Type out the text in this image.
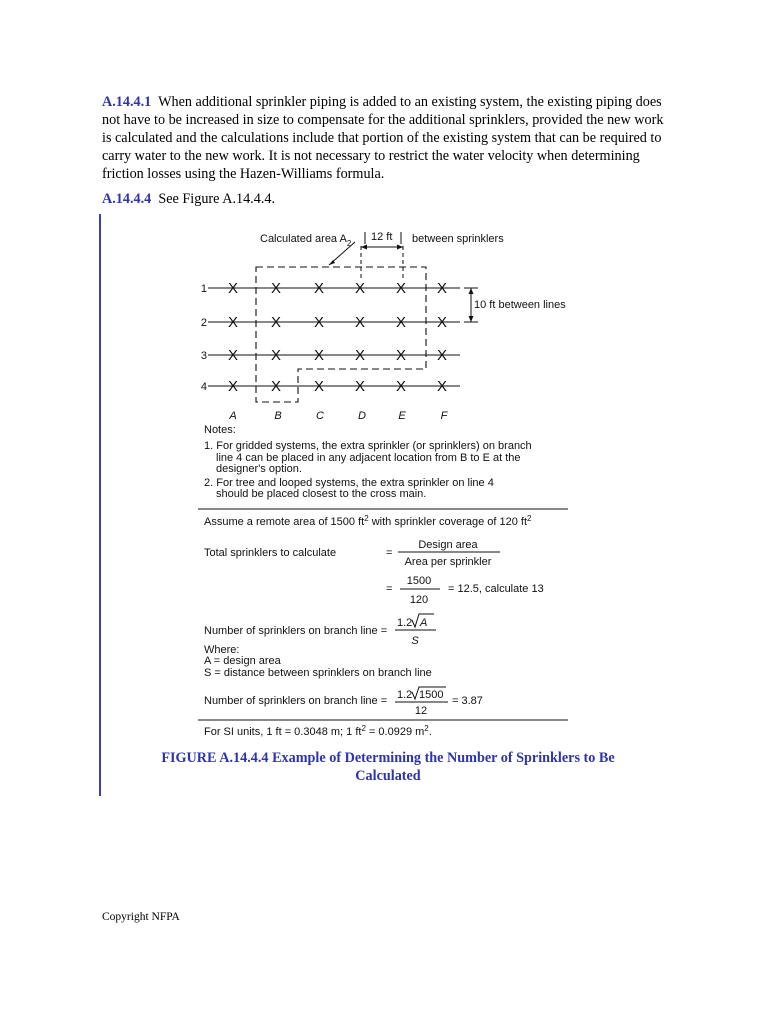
A.14.4.1 When additional sprinkler piping is added to an existing system, the existing piping does not have to be increased in size to compensate for the additional sprinklers, provided the new work is calculated and the calculations include that portion of the existing system that can be required to carry water to the new work. It is not necessary to restrict the water velocity when determining friction losses using the Hazen-Williams formula.
A.14.4.4 See Figure A.14.4.4.
Calculated area $A_2$
12 ft between sprinklers
X X X X X X
X X X X X X
X X X X X X
X X X X X X
1
2
3
4
10 ft between lines
A	B	C	D	E	F
Notes:
1. For gridded systems, the extra sprinkler (or sprinklers) on branch
line 4 can be placed in any adjacent location from B to E at the
designer's option.
2. For tree and looped systems, the extra sprinkler on line 4
should be placed closest to the cross main.
Assume a remote area of 1500 $ft^2$ with sprinkler coverage of 120 $ft^2$
Total sprinklers to calculate	=
Design area
Area per sprinkler
=
1500
120
= 12.5, calculate 13
Number of sprinklers on branch line =
1.2 A
S
Where:
A = design area
S = distance between sprinklers on branch line
Number of sprinklers on branch line = 1.2 1500
12
= 3.87
For SI units, 1 ft = 0.3048 m; 1 $ft^2 = 0.0929$ $m^2$.
FIGURE A.14.4.4 Example of Determining the Number of Sprinklers to Be
Calculated
Copyright NFPA
